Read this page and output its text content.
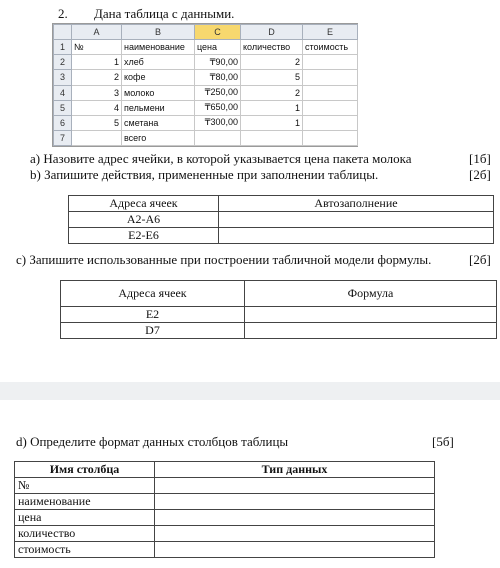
2. Дана таблица с данными.
	A	B	C	D	E
1	№	наименование	цена	количество	стоимость
2	1	хлеб	₸90,00	2	
3	2	кофе	₸80,00	5	
4	3	молоко	₸250,00	2	
5	4	пельмени	₸650,00	1	
6	5	сметана	₸300,00	1	
7		всего			
a) Назовите адрес ячейки, в которой указывается цена пакета молока	[1б]
b) Запишите действия, примененные при заполнении таблицы.	[2б]
Адреса ячеек	Автозаполнение
A2-A6	
E2-E6	
c) Запишите использованные при построении табличной модели формулы.	[2б]
Адреса ячеек	Формула
E2	
D7	
d) Определите формат данных столбцов таблицы	[5б]
Имя столбца	Тип данных
№	
наименование	
цена	
количество	
стоимость	
